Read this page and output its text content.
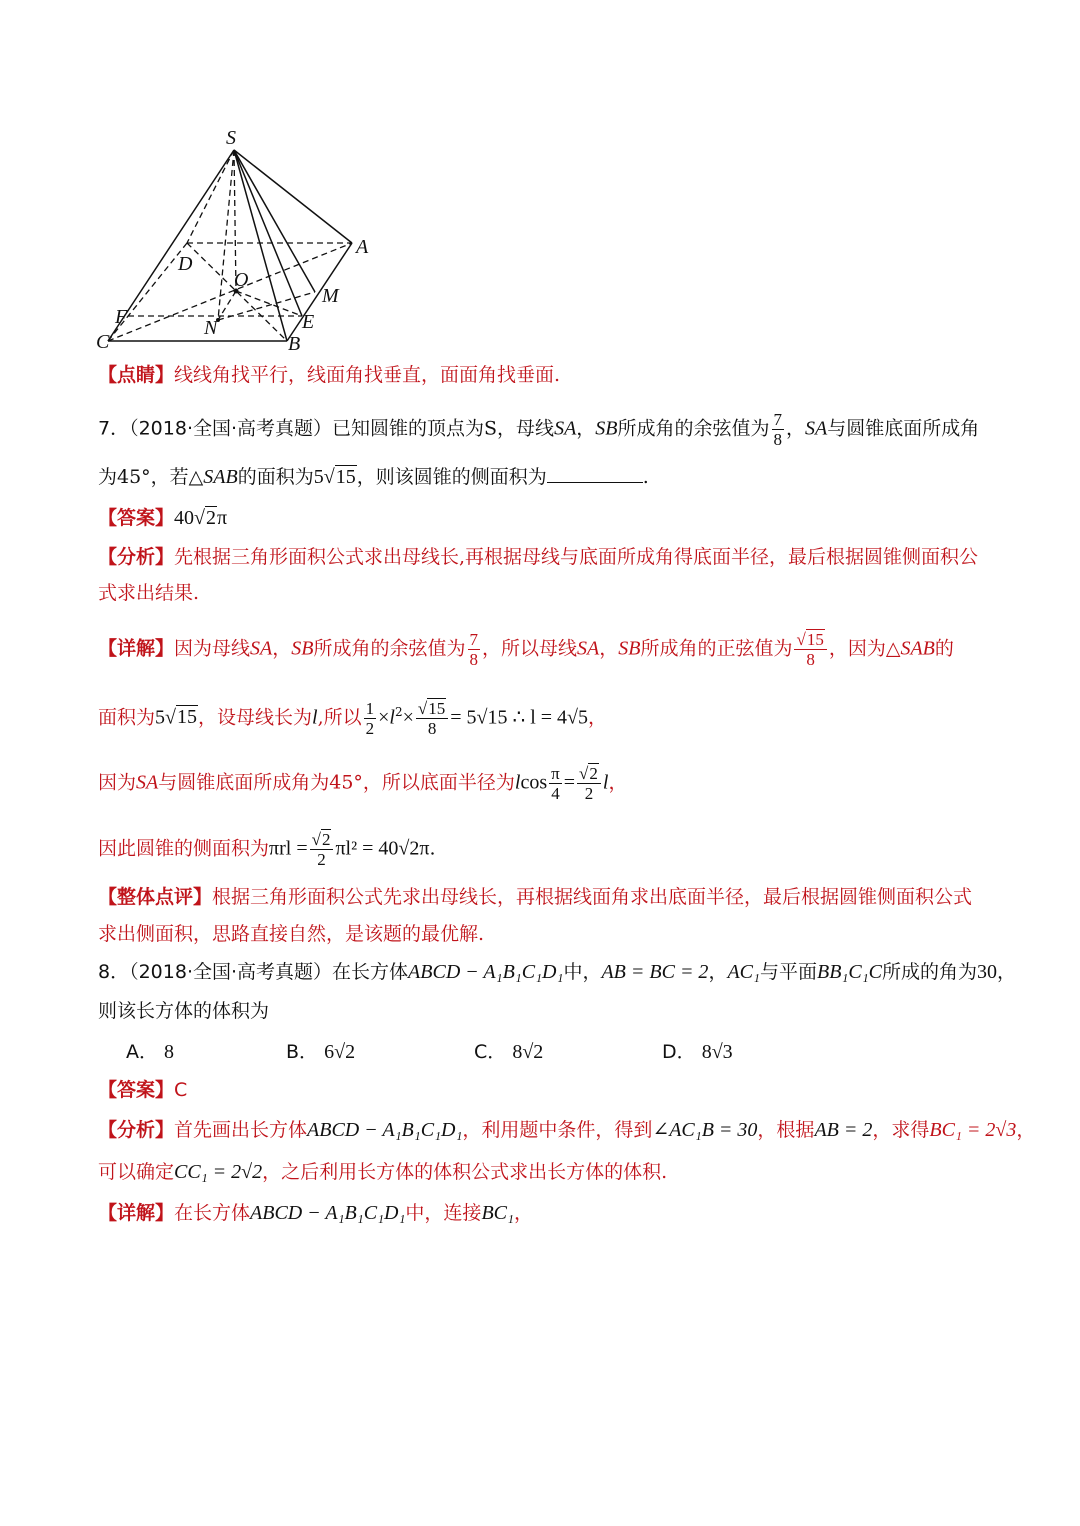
S
A
D
O
M
F	E
N
C	B
【点睛】线线角找平行，线面角找垂直，面面角找垂面.
7．（2018·全国·高考真题）已知圆锥的顶点为S，母线SA，SB所成角的余弦值为 $\frac{7}{8}$ ，SA与圆锥底面所成角
为45°，若△SAB的面积为5√15，则该圆锥的侧面积为	.
【答案】40√2π
【分析】先根据三角形面积公式求出母线长,再根据母线与底面所成角得底面半径，最后根据圆锥侧面积公
式求出结果.
【详解】因为母线SA，SB所成角的余弦值为 $\frac{7}{8}$ ，所以母线SA，SB所成角的正弦值为 $\frac{√15}{8}$ ，因为△SAB的
面积为5√15，设母线长为l,所以 $\frac{1}{2} \times l^2\times \frac{√15}{8} = 5√15$ ∴ l = 4√5，
因为SA与圆锥底面所成角为45°，所以底面半径为lcos $\frac{\pi}{4} = \frac{√2}{2}$ l，
因此圆锥的侧面积为$\pi rl = \frac{√2}{2} \pi l^2 = 40√2\pi$.
【整体点评】根据三角形面积公式先求出母线长，再根据线面角求出底面半径，最后根据圆锥侧面积公式
求出侧面积，思路直接自然，是该题的最优解.
8．（2018·全国·高考真题）在长方体ABCD − A₁B₁C₁D₁中，AB = BC = 2，AC₁与平面BB₁C₁C所成的角为30，
则该长方体的体积为
A． 8	B． 6√2	C． 8√2	D． 8√3
【答案】C
【分析】首先画出长方体ABCD − A₁B₁C₁D₁，利用题中条件，得到∠AC₁B = 30，根据AB = 2，求得BC₁ = 2√3，
可以确定CC₁ = 2√2，之后利用长方体的体积公式求出长方体的体积.
【详解】在长方体ABCD − A₁B₁C₁D₁中，连接BC₁，
